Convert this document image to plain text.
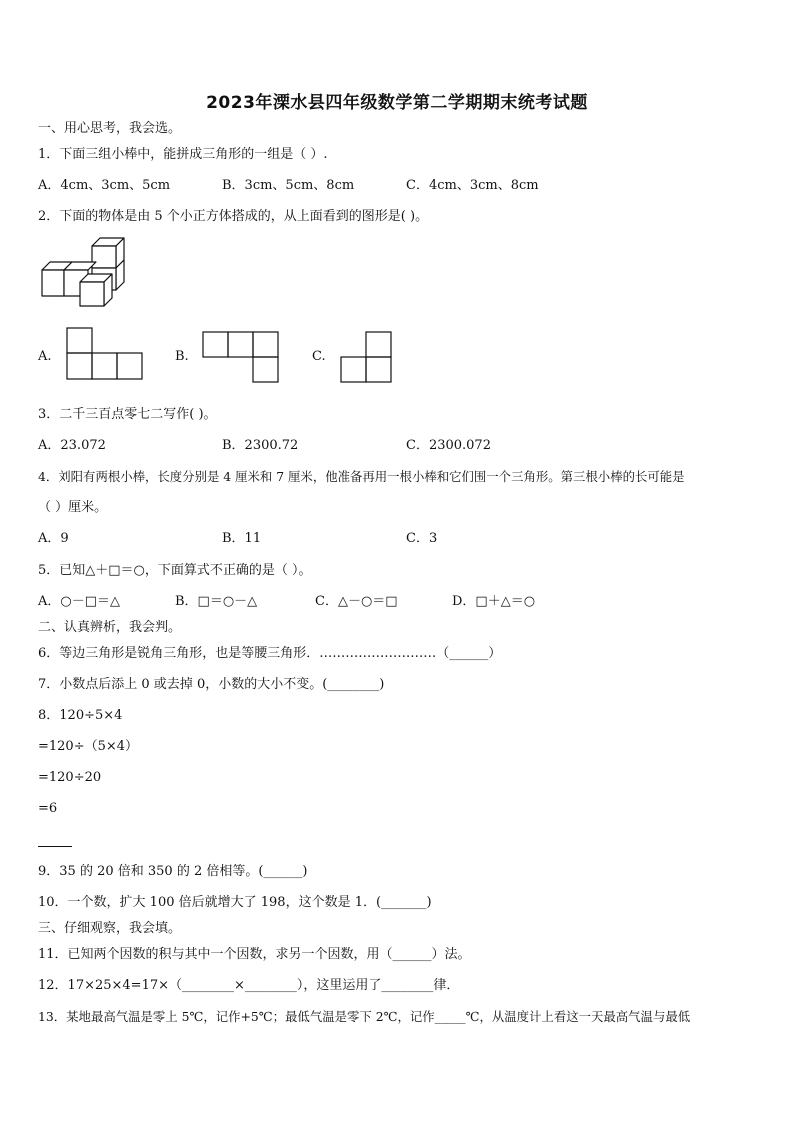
2023年溧水县四年级数学第二学期期末统考试题
一、用心思考，我会选。
1．下面三组小棒中，能拼成三角形的一组是（ ）.
A．4cm、3cm、5cm	B．3cm、5cm、8cm	C．4cm、3cm、8cm
2．下面的物体是由 5 个小正方体搭成的，从上面看到的图形是( )。
A.	B.	C.
3．二千三百点零七二写作( )。
A．23.072	B．2300.72	C．2300.072
4．刘阳有两根小棒，长度分别是 4 厘米和 7 厘米，他准备再用一根小棒和它们围一个三角形。第三根小棒的长可能是
（ ）厘米。
A．9	B．11	C．3
5．已知△＋□＝○，下面算式不正确的是（ ）。
A．○－□＝△	B．□＝○－△	C．△－○＝□	D．□＋△＝○
二、认真辨析，我会判。
6．等边三角形是锐角三角形，也是等腰三角形．………………………（______）
7．小数点后添上 0 或去掉 0，小数的大小不变。(________)
8．120÷5×4
=120÷（5×4）
=120÷20
=6
9．35 的 20 倍和 350 的 2 倍相等。(______)
10．一个数，扩大 100 倍后就增大了 198，这个数是 1．(_______)
三、仔细观察，我会填。
11．已知两个因数的积与其中一个因数，求另一个因数，用（______）法。
12．17×25×4=17×（________×________），这里运用了________律．
13．某地最高气温是零上 5℃，记作+5℃；最低气温是零下 2℃，记作_____℃，从温度计上看这一天最高气温与最低
